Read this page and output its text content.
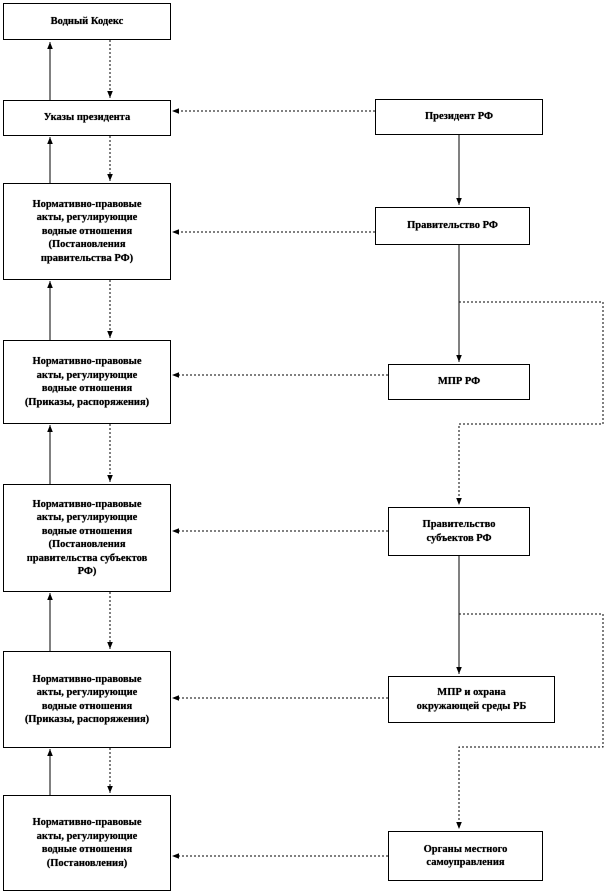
Водный Кодекс
Указы президента
Нормативно-правовые
акты, регулирующие
водные отношения
(Постановления
правительства РФ)
Нормативно-правовые
акты, регулирующие
водные отношения
(Приказы, распоряжения)
Нормативно-правовые
акты, регулирующие
водные отношения
(Постановления
правительства субъектов
РФ)
Нормативно-правовые
акты, регулирующие
водные отношения
(Приказы, распоряжения)
Нормативно-правовые
акты, регулирующие
водные отношения
(Постановления)
Президент РФ
Правительство РФ
МПР РФ
Правительство
субъектов РФ
МПР и охрана
окружающей среды РБ
Органы местного
самоуправления
